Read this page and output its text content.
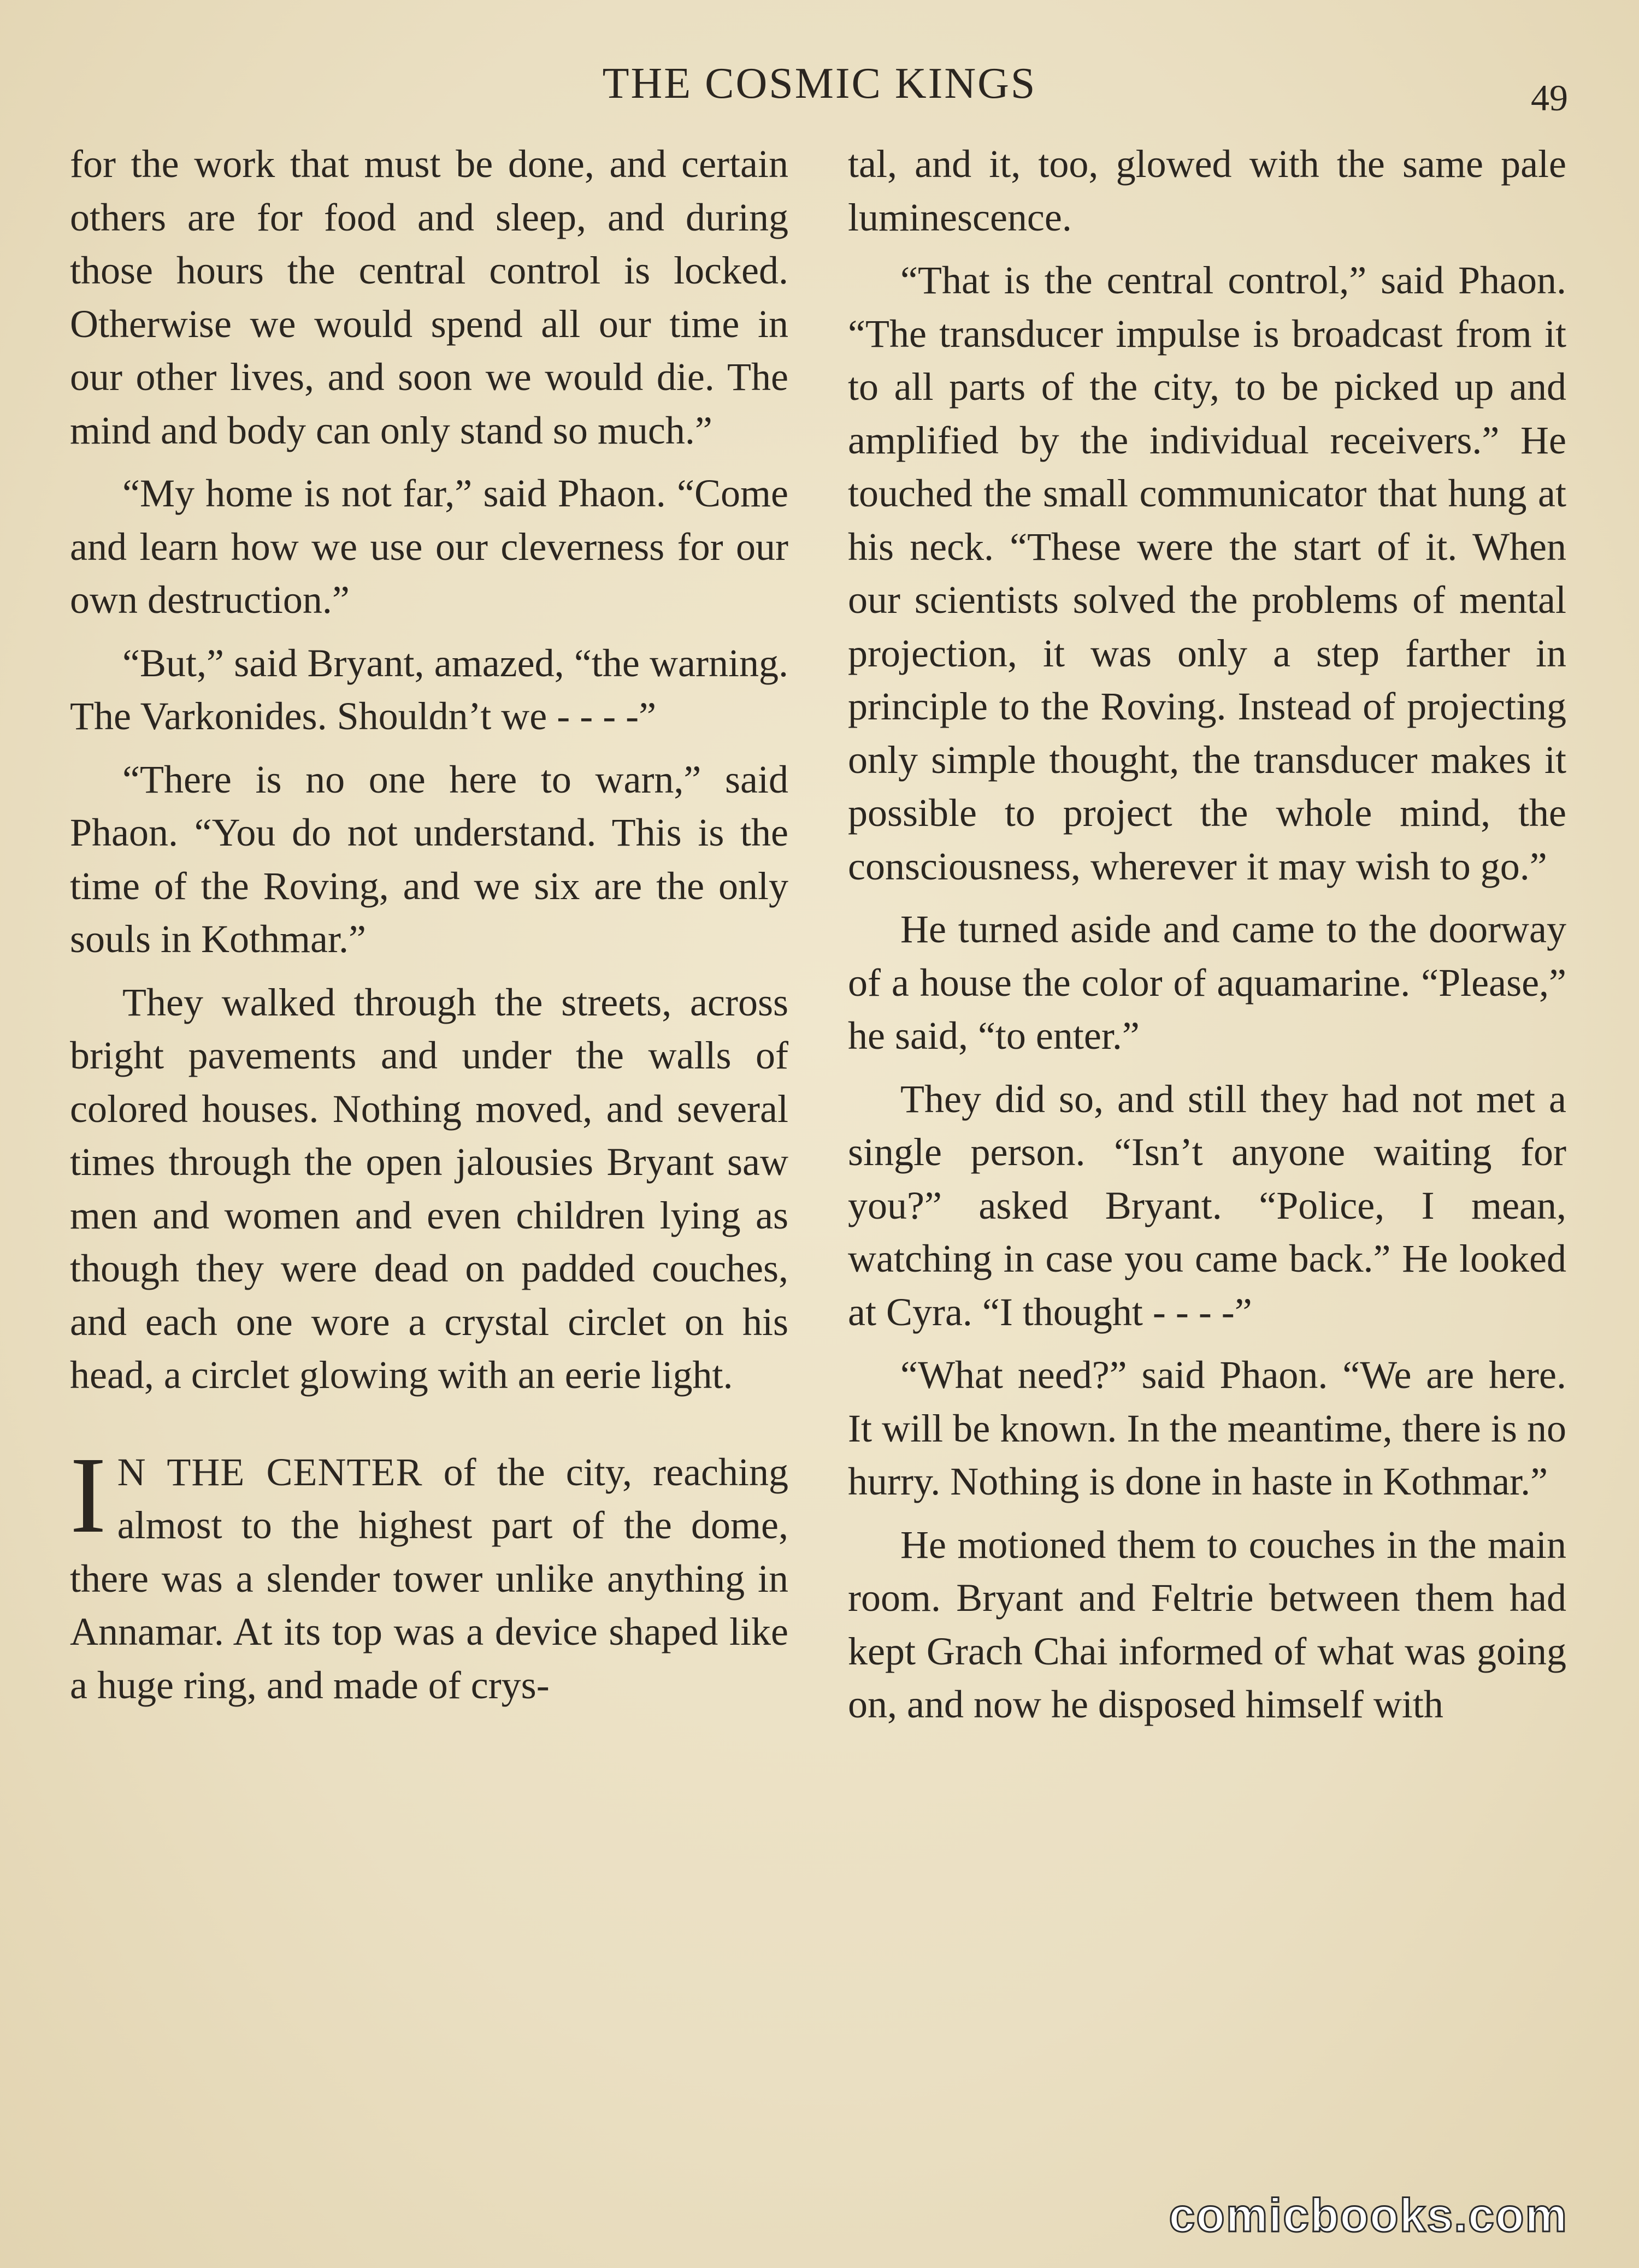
THE COSMIC KINGS	49

for the work that must be done, and certain others are for food and sleep, and during those hours the central control is locked. Otherwise we would spend all our time in our other lives, and soon we would die. The mind and body can only stand so much.”

“My home is not far,” said Phaon. “Come and learn how we use our cleverness for our own destruction.”

“But,” said Bryant, amazed, “the warning. The Varkonides. Shouldn’t we - - - -”

“There is no one here to warn,” said Phaon. “You do not understand. This is the time of the Roving, and we six are the only souls in Kothmar.”

They walked through the streets, across bright pavements and under the walls of colored houses. Nothing moved, and several times through the open jalousies Bryant saw men and women and even children lying as though they were dead on padded couches, and each one wore a crystal circlet on his head, a circlet glowing with an eerie light.

I N THE CENTER of the city, reaching almost to the highest part of the dome, there was a slender tower unlike anything in Annamar. At its top was a device shaped like a huge ring, and made of crys-

tal, and it, too, glowed with the same pale luminescence.

“That is the central control,” said Phaon. “The transducer impulse is broadcast from it to all parts of the city, to be picked up and amplified by the individual receivers.” He touched the small communicator that hung at his neck. “These were the start of it. When our scientists solved the problems of mental projection, it was only a step farther in principle to the Roving. Instead of projecting only simple thought, the transducer makes it possible to project the whole mind, the consciousness, wherever it may wish to go.”

He turned aside and came to the doorway of a house the color of aquamarine. “Please,” he said, “to enter.”

They did so, and still they had not met a single person. “Isn’t anyone waiting for you?” asked Bryant. “Police, I mean, watching in case you came back.” He looked at Cyra. “I thought - - - -”

“What need?” said Phaon. “We are here. It will be known. In the meantime, there is no hurry. Nothing is done in haste in Kothmar.”

He motioned them to couches in the main room. Bryant and Feltrie between them had kept Grach Chai informed of what was going on, and now he disposed himself with

comicbooks.com
